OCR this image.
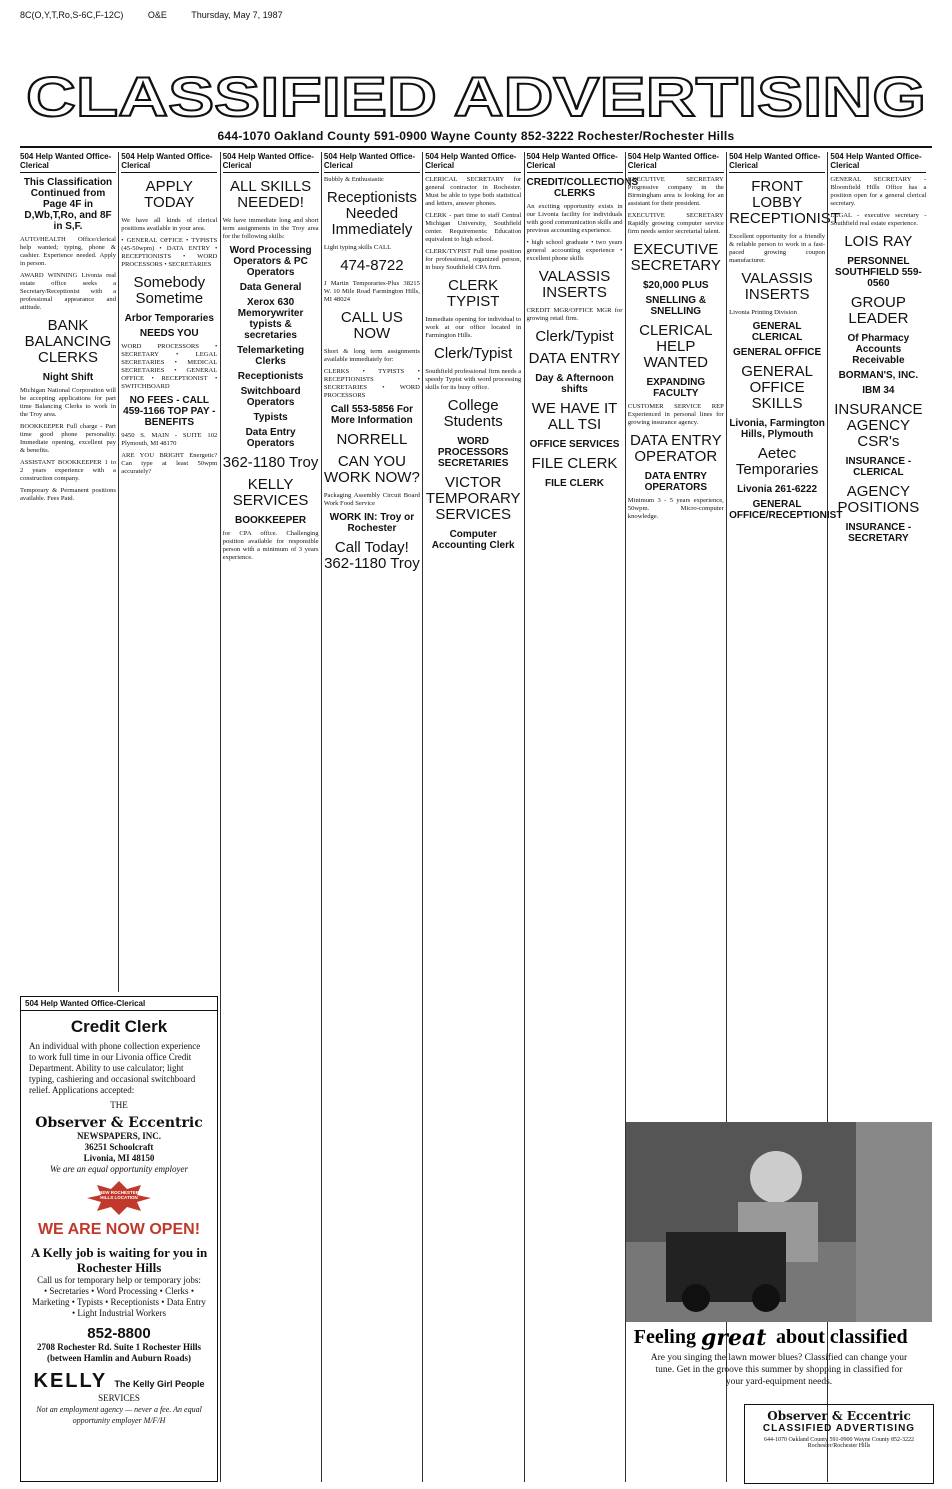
8C(O,Y,T,Ro,S-6C,F-12C)	O&E	Thursday, May 7, 1987
CLASSIFIED ADVERTISING
644-1070 Oakland County 591-0900 Wayne County 852-3222 Rochester/Rochester Hills
504 Help Wanted Office-Clerical
This Classification Continued from Page 4F in D,Wb,T,Ro, and 8F in S,F.
AUTO/HEALTH Office/clerical help wanted; typing, phone & cashier. Experience needed. Apply in person.
AWARD WINNING Livonia real estate office seeks a Secretary/Receptionist with a professional appearance and attitude.
BANK BALANCING CLERKS
Night Shift
Michigan National Corporation will be accepting applications for part time Balancing Clerks to work in the Troy area.
BOOKKEEPER Full charge - Part time good phone personality. Immediate opening, excellent pay & benefits.
ASSISTANT BOOKKEEPER 1 to 2 years experience with a construction company.
Temporary & Permanent positions available. Fees Paid.
504 Help Wanted Office-Clerical
APPLY TODAY
We have all kinds of clerical positions available in your area.
• GENERAL OFFICE • TYPISTS (45-50wpm) • DATA ENTRY • RECEPTIONISTS • WORD PROCESSORS • SECRETARIES
Somebody Sometime
Arbor Temporaries
NEEDS YOU
WORD PROCESSORS • SECRETARY • LEGAL SECRETARIES • MEDICAL SECRETARIES • GENERAL OFFICE • RECEPTIONIST • SWITCHBOARD
NO FEES - CALL 459-1166 TOP PAY - BENEFITS
9450 S. MAIN - SUITE 102 Plymouth, MI 48170
ARE YOU BRIGHT Energetic? Can type at least 50wpm accurately?
504 Help Wanted Office-Clerical
ALL SKILLS NEEDED!
We have immediate long and short term assignments in the Troy area for the following skills:
Word Processing Operators & PC Operators
Data General
Xerox 630 Memorywriter typists & secretaries
Telemarketing Clerks
Receptionists
Switchboard Operators
Typists
Data Entry Operators
362-1180 Troy
KELLY SERVICES
BOOKKEEPER
for CPA office. Challenging position available for responsible person with a minimum of 3 years experience.
504 Help Wanted Office-Clerical
Bubbly & Enthusiastic
Receptionists Needed Immediately
Light typing skills CALL
474-8722
J Martin Temporaries-Plus 38215 W. 10 Mile Road Farmington Hills, MI 48024
CALL US NOW
Short & long term assignments available immediately for:
CLERKS • TYPISTS • RECEPTIONISTS • SECRETARIES • WORD PROCESSORS
Call 553-5856 For More Information
NORRELL
CAN YOU WORK NOW?
Packaging Assembly Circuit Board Work Food Service
WORK IN: Troy or Rochester
Call Today! 362-1180 Troy
504 Help Wanted Office-Clerical
CLERICAL SECRETARY for general contractor in Rochester. Must be able to type both statistical and letters, answer phones.
CLERK - part time to staff Central Michigan University, Southfield center. Requirements: Education equivalent to high school.
CLERK/TYPIST Full time position for professional, organized person, in busy Southfield CPA firm.
CLERK TYPIST
Immediate opening for individual to work at our office located in Farmington Hills.
Clerk/Typist
Southfield professional firm needs a speedy Typist with word processing skills for its busy office.
College Students
WORD PROCESSORS SECRETARIES
VICTOR TEMPORARY SERVICES
Computer Accounting Clerk
504 Help Wanted Office-Clerical
CREDIT/COLLECTIONS CLERKS
An exciting opportunity exists in our Livonia facility for individuals with good communication skills and previous accounting experience.
• high school graduate • two years general accounting experience • excellent phone skills
VALASSIS INSERTS
CREDIT MGR/OFFICE MGR for growing retail firm.
Clerk/Typist
DATA ENTRY
Day & Afternoon shifts
WE HAVE IT ALL TSI
OFFICE SERVICES
FILE CLERK
FILE CLERK
504 Help Wanted Office-Clerical
EXECUTIVE SECRETARY Progressive company in the Birmingham area is looking for an assistant for their president.
EXECUTIVE SECRETARY Rapidly growing computer service firm needs senior secretarial talent.
EXECUTIVE SECRETARY
$20,000 PLUS
SNELLING & SNELLING
CLERICAL HELP WANTED
EXPANDING FACULTY
CUSTOMER SERVICE REP Experienced in personal lines for growing insurance agency.
DATA ENTRY OPERATOR
DATA ENTRY OPERATORS
Minimum 3 - 5 years experience, 50wpm. Micro-computer knowledge.
504 Help Wanted Office-Clerical
FRONT LOBBY RECEPTIONIST
Excellent opportunity for a friendly & reliable person to work in a fast-paced growing coupon manufacturer.
VALASSIS INSERTS
Livonia Printing Division
GENERAL CLERICAL
GENERAL OFFICE
GENERAL OFFICE SKILLS
Livonia, Farmington Hills, Plymouth
Aetec Temporaries
Livonia 261-6222
GENERAL OFFICE/RECEPTIONIST
504 Help Wanted Office-Clerical
GENERAL SECRETARY - Bloomfield Hills Office has a position open for a general clerical secretary.
LEGAL - executive secretary - Southfield real estate experience.
LOIS RAY
PERSONNEL SOUTHFIELD 559-0560
GROUP LEADER
Of Pharmacy Accounts Receivable
BORMAN'S, INC.
IBM 34
INSURANCE AGENCY CSR's
INSURANCE - CLERICAL
AGENCY POSITIONS
INSURANCE - SECRETARY
504 Help Wanted Office-Clerical
Credit Clerk
An individual with phone collection experience to work full time in our Livonia office Credit Department. Ability to use calculator; light typing, cashiering and occasional switchboard relief. Applications accepted:
THE
Observer & Eccentric
NEWSPAPERS, INC.
36251 Schoolcraft
Livonia, MI 48150
We are an equal opportunity employer
NEW ROCHESTER HILLS LOCATION
WE ARE NOW OPEN!
A Kelly job is waiting for you in Rochester Hills
Call us for temporary help or temporary jobs:
• Secretaries • Word Processing • Clerks • Marketing • Typists • Receptionists • Data Entry • Light Industrial Workers
852-8800
2708 Rochester Rd. Suite 1 Rochester Hills
(between Hamlin and Auburn Roads)
KELLY The Kelly Girl People
SERVICES
Not an employment agency — never a fee. An equal opportunity employer M/F/H
Feeling great about classified
Are you singing the lawn mower blues? Classified can change your tune. Get in the groove this summer by shopping in classified for your yard-equipment needs.
Observer & Eccentric
CLASSIFIED ADVERTISING
644-1070 Oakland County 591-0900 Wayne County 852-3222 Rochester/Rochester Hills
